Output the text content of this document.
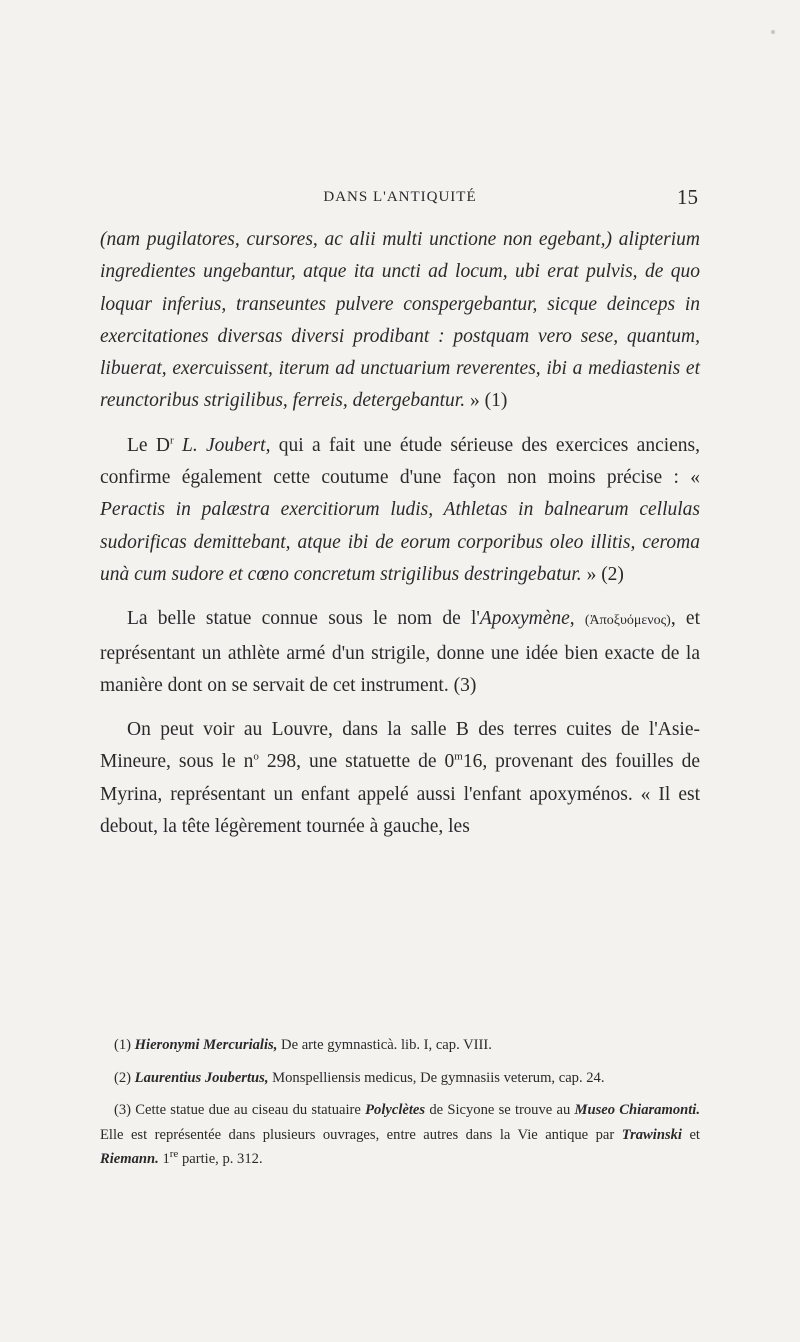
DANS L'ANTIQUITÉ	15

(nam pugilatores, cursores, ac alii multi unctione non egebant,) alipterium ingredientes ungebantur, atque ita uncti ad locum, ubi erat pulvis, de quo loquar inferius, transeuntes pulvere conspergebantur, sicque deinceps in exercitationes diversas diversi prodibant : postquam vero sese, quantum, libuerat, exercuissent, iterum ad unctuarium reverentes, ibi a mediastenis et reunctoribus strigilibus, ferreis, detergebantur. » (1)

Le $D^r$ L. Joubert, qui a fait une étude sérieuse des exercices anciens, confirme également cette coutume d'une façon non moins précise : « Peractis in palæstra exercitiorum ludis, Athletas in balnearum cellulas sudorificas demittebant, atque ibi de eorum corporibus oleo illitis, ceroma unà cum sudore et cœno concretum strigilibus destringebatur. » (2)

La belle statue connue sous le nom de l'Apoxymène, (Ἀποξυόμενος), et représentant un athlète armé d'un strigile, donne une idée bien exacte de la manière dont on se servait de cet instrument. (3)

On peut voir au Louvre, dans la salle B des terres cuites de l'Asie-Mineure, sous le $n^o$ 298, une statuette de 0$^m$16, provenant des fouilles de Myrina, représentant un enfant appelé aussi l'enfant apoxyménos. « Il est debout, la tête légèrement tournée à gauche, les

(1) Hieronymi Mercurialis, De arte gymnasticà. lib. I, cap. VIII.

(2) Laurentius Joubertus, Monspelliensis medicus, De gymnasiis veterum, cap. 24.

(3) Cette statue due au ciseau du statuaire Polyclètes de Sicyone se trouve au Museo Chiaramonti. Elle est représentée dans plusieurs ouvrages, entre autres dans la Vie antique par Trawinski et Riemann. 1re partie, p. 312.
